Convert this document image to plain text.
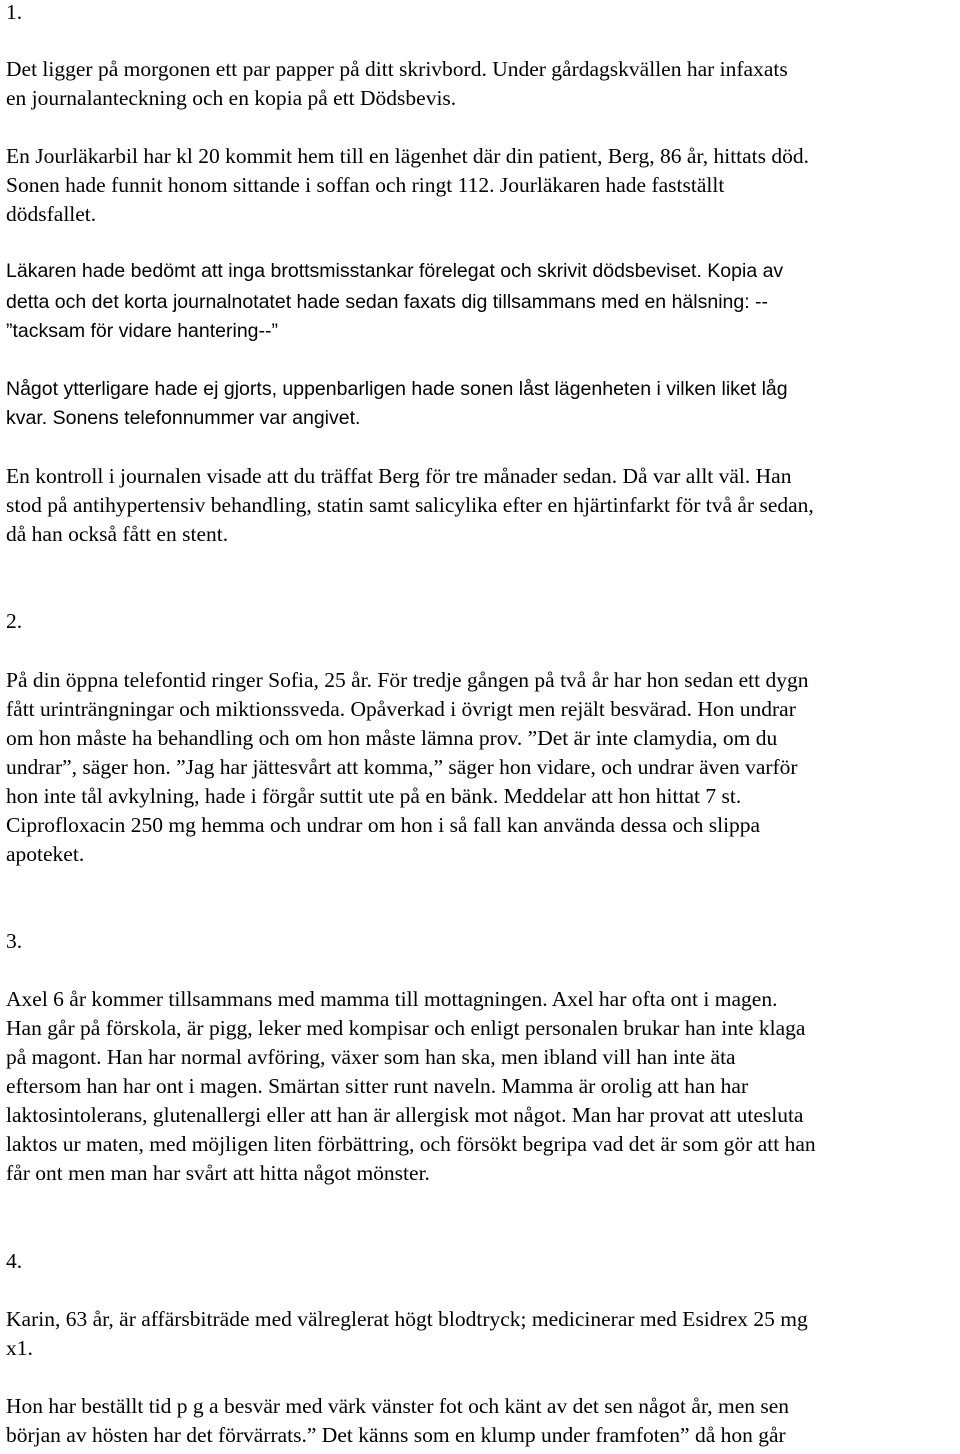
1.
Det ligger på morgonen ett par papper på ditt skrivbord. Under gårdagskvällen har infaxats
en journalanteckning och en kopia på ett Dödsbevis.
En Jourläkarbil har kl 20 kommit hem till en lägenhet där din patient, Berg, 86 år, hittats död.
Sonen hade funnit honom sittande i soffan och ringt 112. Jourläkaren hade fastställt
dödsfallet.
Läkaren hade bedömt att inga brottsmisstankar förelegat och skrivit dödsbeviset. Kopia av
detta och det korta journalnotatet hade sedan faxats dig tillsammans med en hälsning: --
”tacksam för vidare hantering--”
Något ytterligare hade ej gjorts, uppenbarligen hade sonen låst lägenheten i vilken liket låg
kvar. Sonens telefonnummer var angivet.
En kontroll i journalen visade att du träffat Berg för tre månader sedan. Då var allt väl. Han
stod på antihypertensiv behandling, statin samt salicylika efter en hjärtinfarkt för två år sedan,
då han också fått en stent.
2.
På din öppna telefontid ringer Sofia, 25 år. För tredje gången på två år har hon sedan ett dygn
fått urinträngningar och miktionssveda. Opåverkad i övrigt men rejält besvärad. Hon undrar
om hon måste ha behandling och om hon måste lämna prov. ”Det är inte clamydia, om du
undrar”, säger hon. ”Jag har jättesvårt att komma,” säger hon vidare, och undrar även varför
hon inte tål avkylning, hade i förgår suttit ute på en bänk. Meddelar att hon hittat 7 st.
Ciprofloxacin 250 mg hemma och undrar om hon i så fall kan använda dessa och slippa
apoteket.
3.
Axel 6 år kommer tillsammans med mamma till mottagningen. Axel har ofta ont i magen.
Han går på förskola, är pigg, leker med kompisar och enligt personalen brukar han inte klaga
på magont. Han har normal avföring, växer som han ska, men ibland vill han inte äta
eftersom han har ont i magen. Smärtan sitter runt naveln. Mamma är orolig att han har
laktosintolerans, glutenallergi eller att han är allergisk mot något. Man har provat att utesluta
laktos ur maten, med möjligen liten förbättring, och försökt begripa vad det är som gör att han
får ont men man har svårt att hitta något mönster.
4.
Karin, 63 år, är affärsbiträde med välreglerat högt blodtryck; medicinerar med Esidrex 25 mg
x1.
Hon har beställt tid p g a besvär med värk vänster fot och känt av det sen något år, men sen
början av hösten har det förvärrats.” Det känns som en klump under framfoten” då hon går
